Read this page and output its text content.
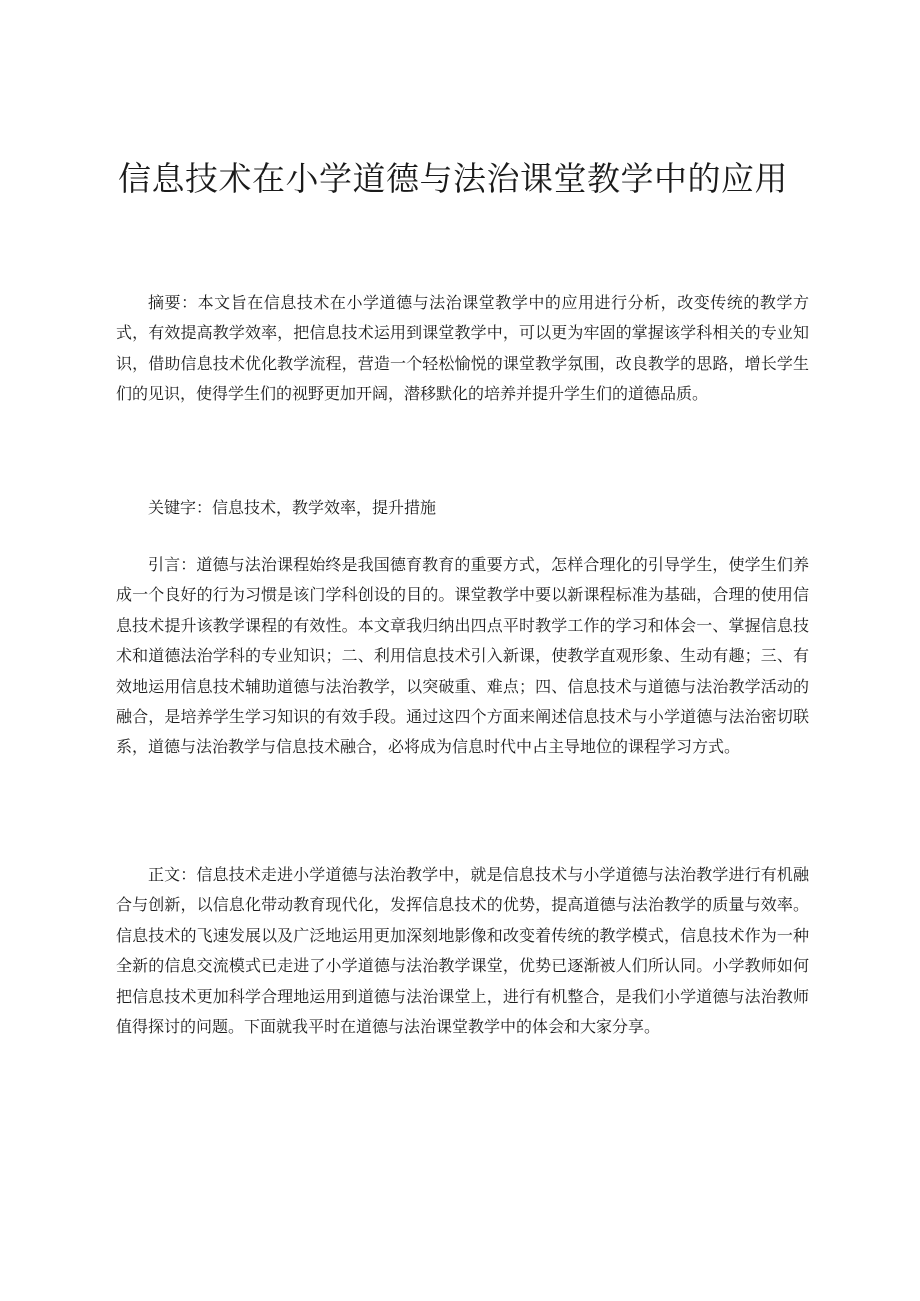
信息技术在小学道德与法治课堂教学中的应用

摘要：本文旨在信息技术在小学道德与法治课堂教学中的应用进行分析，改变传统的教学方式，有效提高教学效率，把信息技术运用到课堂教学中，可以更为牢固的掌握该学科相关的专业知识，借助信息技术优化教学流程，营造一个轻松愉悦的课堂教学氛围，改良教学的思路，增长学生们的见识，使得学生们的视野更加开阔，潜移默化的培养并提升学生们的道德品质。

关键字：信息技术，教学效率，提升措施

引言：道德与法治课程始终是我国德育教育的重要方式，怎样合理化的引导学生，使学生们养成一个良好的行为习惯是该门学科创设的目的。课堂教学中要以新课程标准为基础，合理的使用信息技术提升该教学课程的有效性。本文章我归纳出四点平时教学工作的学习和体会一、掌握信息技术和道德法治学科的专业知识；二、利用信息技术引入新课，使教学直观形象、生动有趣；三、有效地运用信息技术辅助道德与法治教学，以突破重、难点；四、信息技术与道德与法治教学活动的融合，是培养学生学习知识的有效手段。通过这四个方面来阐述信息技术与小学道德与法治密切联系，道德与法治教学与信息技术融合，必将成为信息时代中占主导地位的课程学习方式。

正文：信息技术走进小学道德与法治教学中，就是信息技术与小学道德与法治教学进行有机融合与创新，以信息化带动教育现代化，发挥信息技术的优势，提高道德与法治教学的质量与效率。信息技术的飞速发展以及广泛地运用更加深刻地影像和改变着传统的教学模式，信息技术作为一种全新的信息交流模式已走进了小学道德与法治教学课堂，优势已逐渐被人们所认同。小学教师如何把信息技术更加科学合理地运用到道德与法治课堂上，进行有机整合，是我们小学道德与法治教师值得探讨的问题。下面就我平时在道德与法治课堂教学中的体会和大家分享。
